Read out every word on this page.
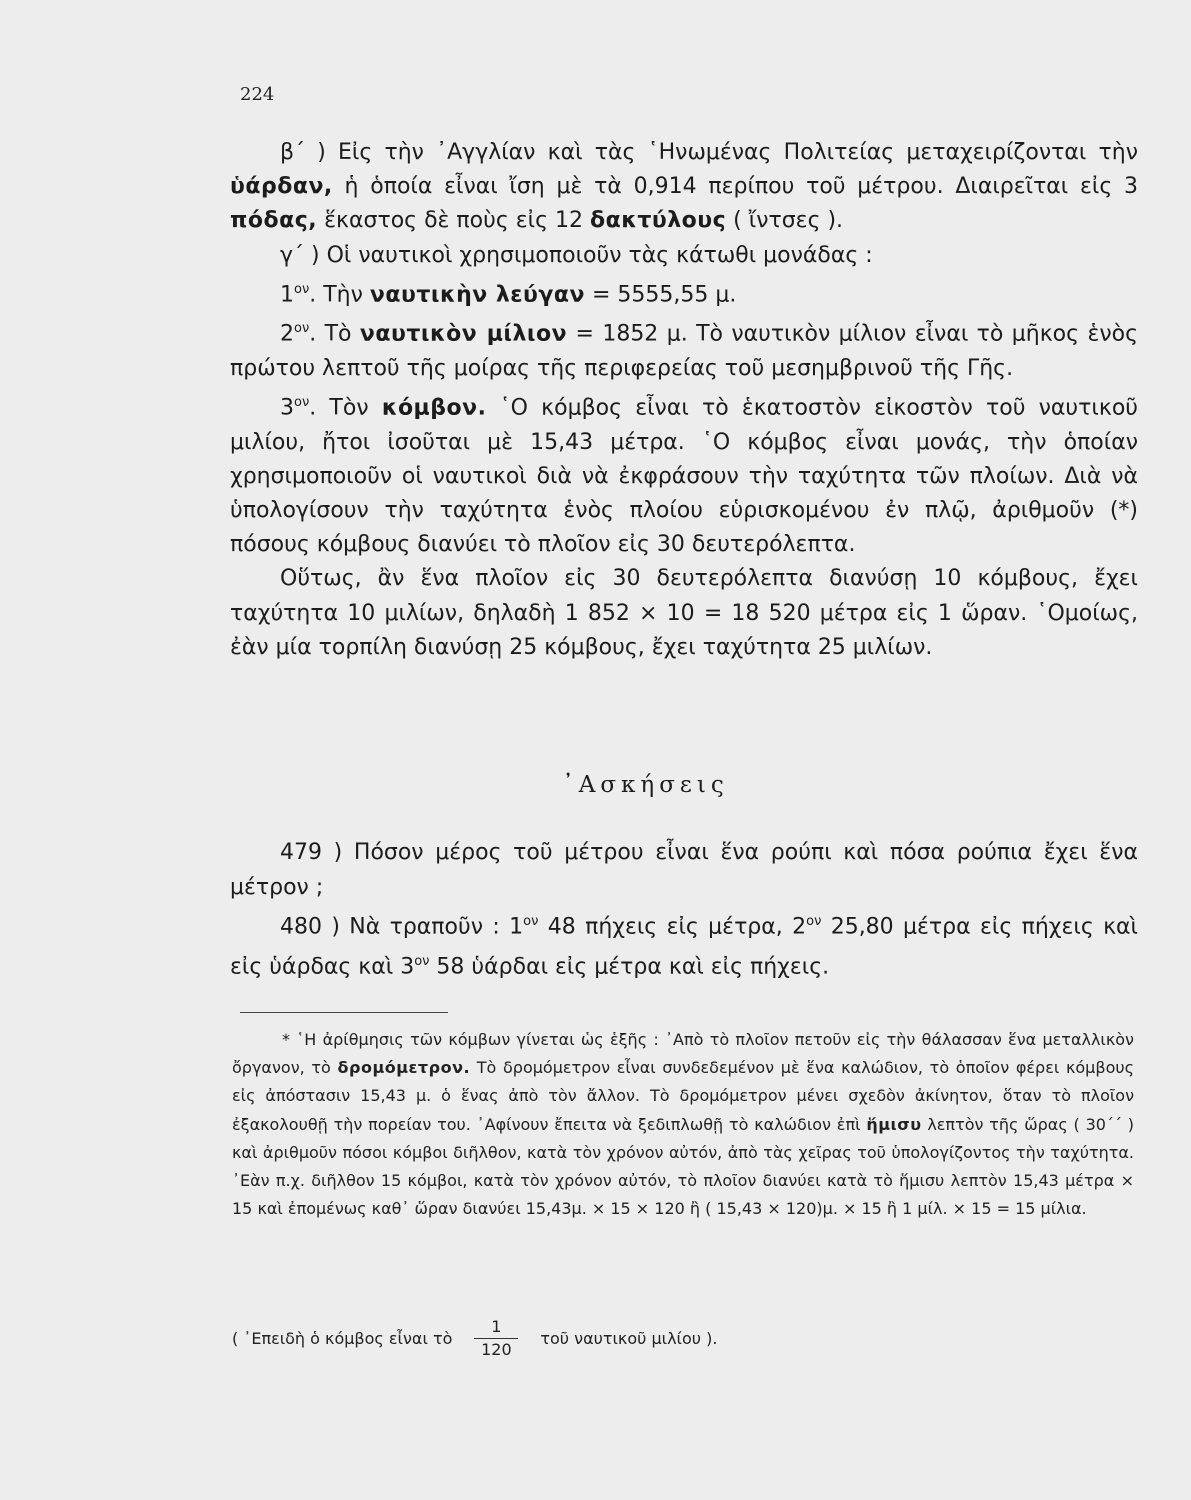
224

β΄ ) Εἰς τὴν ᾿Αγγλίαν καὶ τὰς ῾Ηνωμένας Πολιτείας μεταχειρίζονται τὴν ὑάρδαν, ἡ ὁποία εἶναι ἴση μὲ τὰ 0,914 περίπου τοῦ μέτρου. Διαιρεῖται εἰς 3 πόδας, ἕκαστος δὲ ποὺς εἰς 12 δακτύλους ( ἴντσες ).

γ΄ ) Οἱ ναυτικοὶ χρησιμοποιοῦν τὰς κάτωθι μονάδας :

$1^{o\nu}$. Τὴν ναυτικὴν λεύγαν = 5555,55 μ.

$2^{o\nu}$. Τὸ ναυτικὸν μίλιον = 1852 μ. Τὸ ναυτικὸν μίλιον εἶναι τὸ μῆκος ἑνὸς πρώτου λεπτοῦ τῆς μοίρας τῆς περιφερείας τοῦ μεσημβρινοῦ τῆς Γῆς.

$3^{o\nu}$. Τὸν κόμβον. ῾Ο κόμβος εἶναι τὸ ἑκατοστὸν εἰκοστὸν τοῦ ναυτικοῦ μιλίου, ἤτοι ἰσοῦται μὲ 15,43 μέτρα. ῾Ο κόμβος εἶναι μονάς, τὴν ὁποίαν χρησιμοποιοῦν οἱ ναυτικοὶ διὰ νὰ ἐκφράσουν τὴν ταχύτητα τῶν πλοίων. Διὰ νὰ ὑπολογίσουν τὴν ταχύτητα ἑνὸς πλοίου εὑρισκομένου ἐν πλῷ, ἀριθμοῦν (*) πόσους κόμβους διανύει τὸ πλοῖον εἰς 30 δευτερόλεπτα.

Οὕτως, ἂν ἕνα πλοῖον εἰς 30 δευτερόλεπτα διανύσῃ 10 κόμβους, ἔχει ταχύτητα 10 μιλίων, δηλαδὴ 1 852 × 10 = 18 520 μέτρα εἰς 1 ὥραν. ῾Ομοίως, ἐὰν μία τορπίλη διανύσῃ 25 κόμβους, ἔχει ταχύτητα 25 μιλίων.

᾿Ασκήσεις

479 ) Πόσον μέρος τοῦ μέτρου εἶναι ἕνα ρούπι καὶ πόσα ρούπια ἔχει ἕνα μέτρον ;

480 ) Νὰ τραποῦν : $1^{o\nu}$ 48 πήχεις εἰς μέτρα, $2^{o\nu}$ 25,80 μέτρα εἰς πήχεις καὶ εἰς ὑάρδας καὶ $3^{o\nu}$ 58 ὑάρδαι εἰς μέτρα καὶ εἰς πήχεις.

* ῾Η ἀρίθμησις τῶν κόμβων γίνεται ὡς ἑξῆς : ᾿Απὸ τὸ πλοῖον πετοῦν εἰς τὴν θάλασσαν ἕνα μεταλλικὸν ὄργανον, τὸ δρομόμετρον. Τὸ δρομόμετρον εἶναι συνδεδεμένον μὲ ἕνα καλώδιον, τὸ ὁποῖον φέρει κόμβους εἰς ἀπόστασιν 15,43 μ. ὁ ἕνας ἀπὸ τὸν ἄλλον. Τὸ δρομόμετρον μένει σχεδὸν ἀκίνητον, ὅταν τὸ πλοῖον ἐξακολουθῇ τὴν πορείαν του. ᾿Αφίνουν ἔπειτα νὰ ξεδιπλωθῇ τὸ καλώδιον ἐπὶ ἥμισυ λεπτὸν τῆς ὥρας ( 30΄΄ ) καὶ ἀριθμοῦν πόσοι κόμβοι διῆλθον, κατὰ τὸν χρόνον αὐτόν, ἀπὸ τὰς χεῖρας τοῦ ὑπολογίζοντος τὴν ταχύτητα. ᾿Εὰν π.χ. διῆλθον 15 κόμβοι, κατὰ τὸν χρόνον αὐτόν, τὸ πλοῖον διανύει κατὰ τὸ ἥμισυ λεπτὸν 15,43 μέτρα × 15 καὶ ἐπομένως καθ᾿ ὥραν διανύει 15,43μ. × 15 × 120 ἢ ( 15,43 × 120)μ. × 15 ἢ 1 μίλ. × 15 = 15 μίλια.

( ᾿Επειδὴ ὁ κόμβος εἶναι τὸ $\frac{1}{120}$ τοῦ ναυτικοῦ μιλίου ).
